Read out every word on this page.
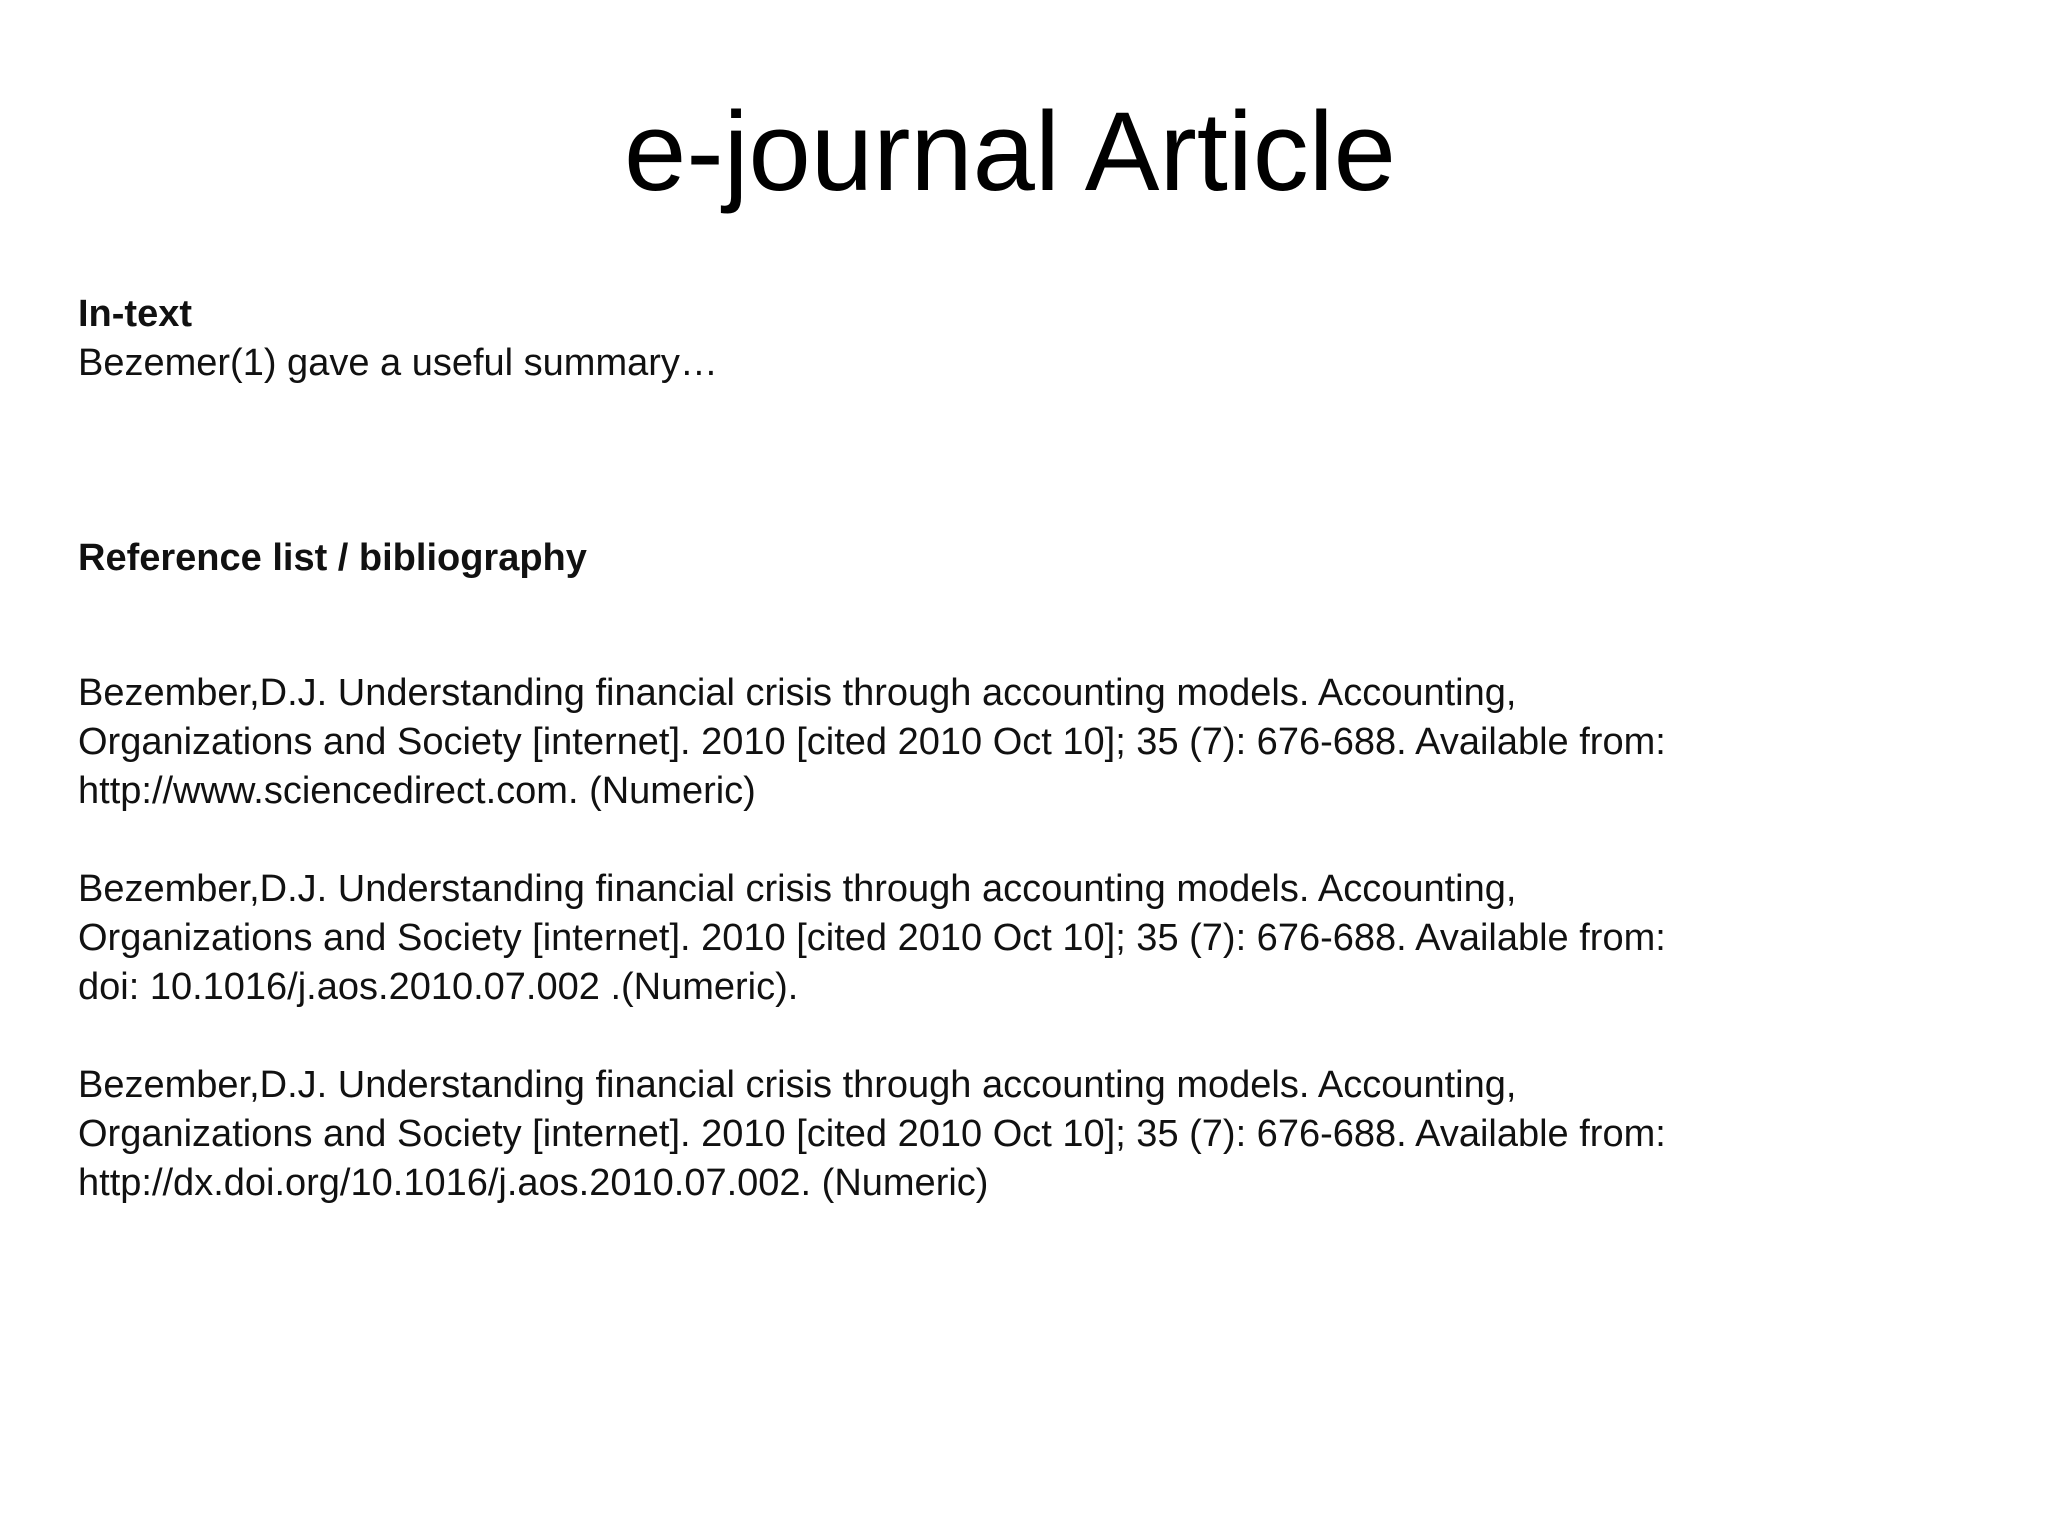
e-journal Article

In-text

Bezemer(1) gave a useful summary…

Reference list / bibliography

Bezember,D.J. Understanding financial crisis through accounting models. Accounting,
Organizations and Society [internet]. 2010 [cited 2010 Oct 10]; 35 (7): 676-688. Available from:
http://www.sciencedirect.com. (Numeric)
Bezember,D.J. Understanding financial crisis through accounting models. Accounting,
Organizations and Society [internet]. 2010 [cited 2010 Oct 10]; 35 (7): 676-688. Available from:
doi: 10.1016/j.aos.2010.07.002 .(Numeric).
Bezember,D.J. Understanding financial crisis through accounting models. Accounting,
Organizations and Society [internet]. 2010 [cited 2010 Oct 10]; 35 (7): 676-688. Available from:
http://dx.doi.org/10.1016/j.aos.2010.07.002. (Numeric)
